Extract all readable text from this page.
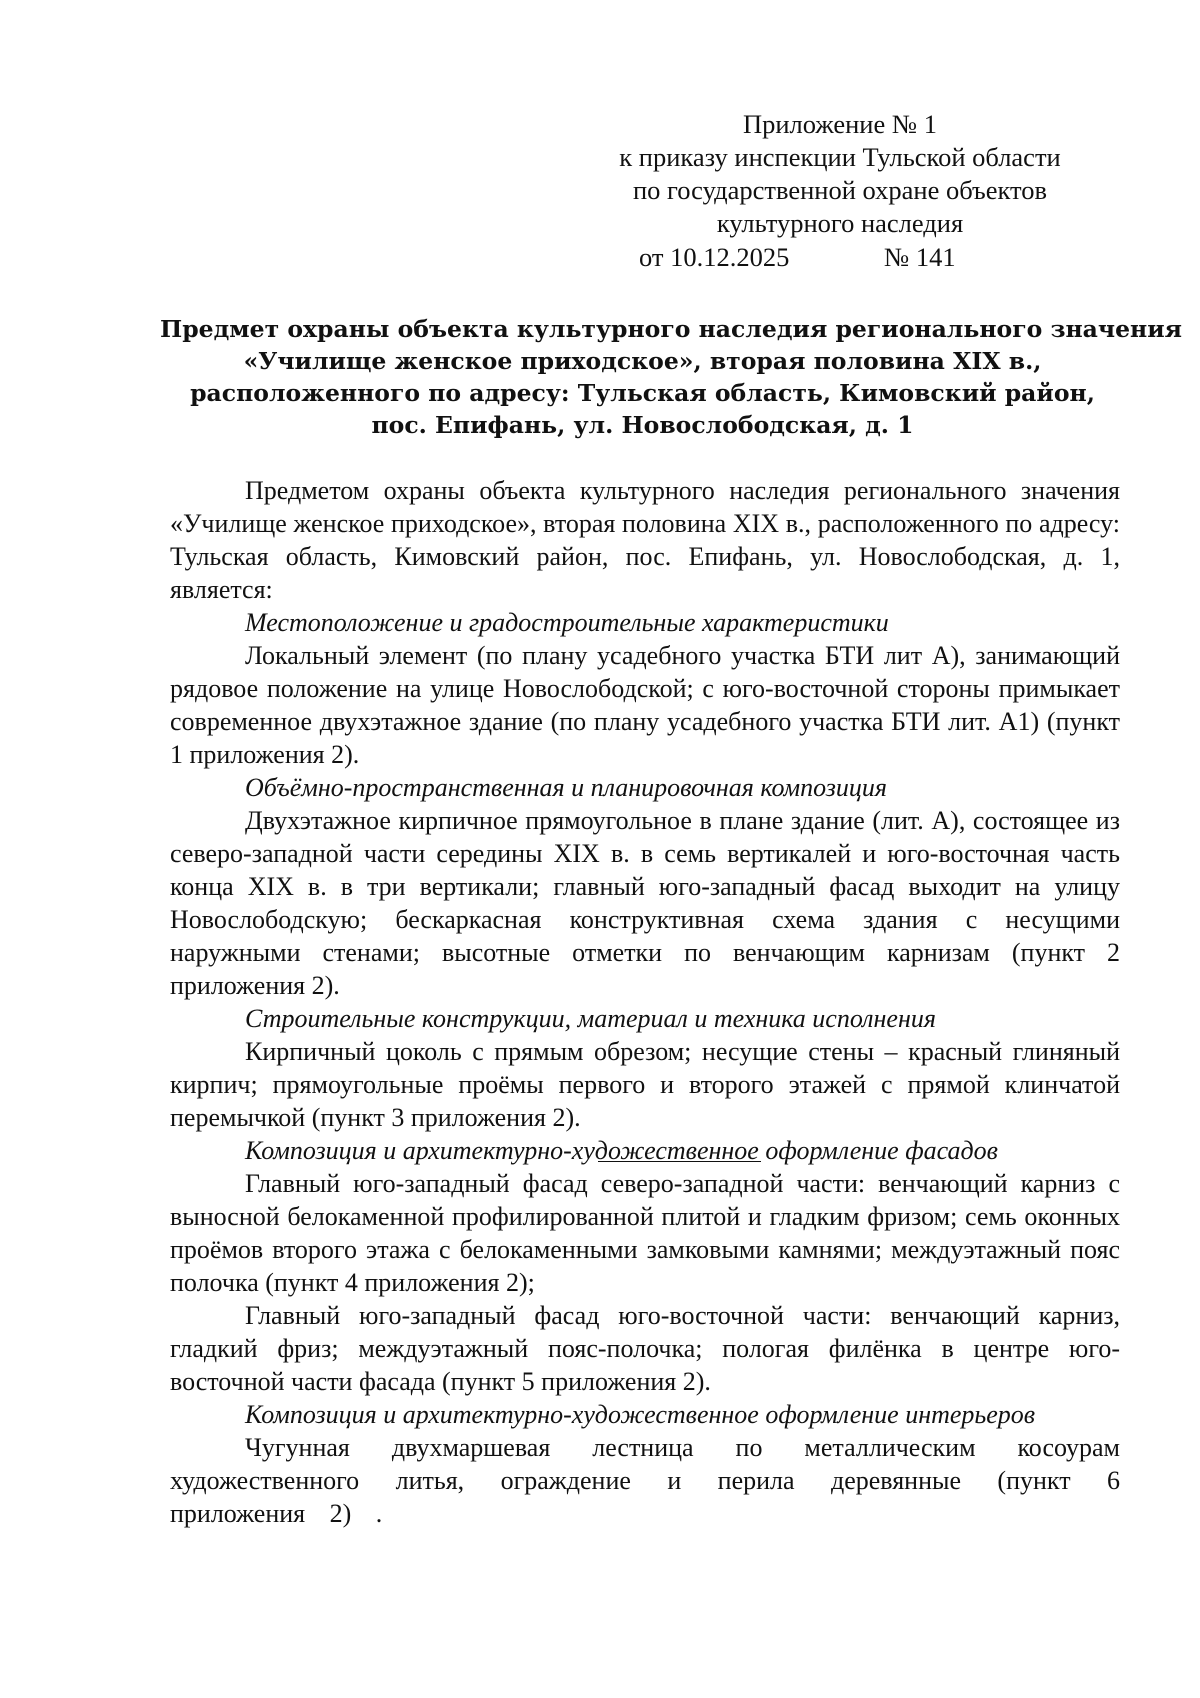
Приложение № 1
к приказу инспекции Тульской области
по государственной охране объектов
культурного наследия
от 10.12.2025	№ 141
Предмет охраны объекта культурного наследия регионального значения
«Училище женское приходское», вторая половина XIX в.,
расположенного по адресу: Тульская область, Кимовский район,
пос. Епифань, ул. Новослободская, д. 1

Предметом охраны объекта культурного наследия регионального значения «Училище женское приходское», вторая половина XIX в., расположенного по адресу: Тульская область, Кимовский район, пос. Епифань, ул. Новослободская, д. 1, является:

Местоположение и градостроительные характеристики

Локальный элемент (по плану усадебного участка БТИ лит А), занимающий рядовое положение на улице Новослободской; с юго-восточной стороны примыкает современное двухэтажное здание (по плану усадебного участка БТИ лит. А1) (пункт 1 приложения 2).

Объёмно-пространственная и планировочная композиция

Двухэтажное кирпичное прямоугольное в плане здание (лит. А), состоящее из северо-западной части середины XIX в. в семь вертикалей и юго-восточная часть конца XIX в. в три вертикали; главный юго-западный фасад выходит на улицу Новослободскую; бескаркасная конструктивная схема здания с несущими наружными стенами; высотные отметки по венчающим карнизам (пункт 2 приложения 2).

Строительные конструкции, материал и техника исполнения

Кирпичный цоколь с прямым обрезом; несущие стены – красный глиняный кирпич; прямоугольные проёмы первого и второго этажей с прямой клинчатой перемычкой (пункт 3 приложения 2).

Композиция и архитектурно-художественное оформление фасадов

Главный юго-западный фасад северо-западной части: венчающий карниз с выносной белокаменной профилированной плитой и гладким фризом; семь оконных проёмов второго этажа с белокаменными замковыми камнями; междуэтажный пояс полочка (пункт 4 приложения 2);

Главный юго-западный фасад юго-восточной части: венчающий карниз, гладкий фриз; междуэтажный пояс-полочка; пологая филёнка в центре юго-восточной части фасада (пункт 5 приложения 2).

Композиция и архитектурно-художественное оформление интерьеров

Чугунная двухмаршевая лестница по металлическим косоурам художественного литья, ограждение и перила деревянные (пункт 6 приложения 2) .
